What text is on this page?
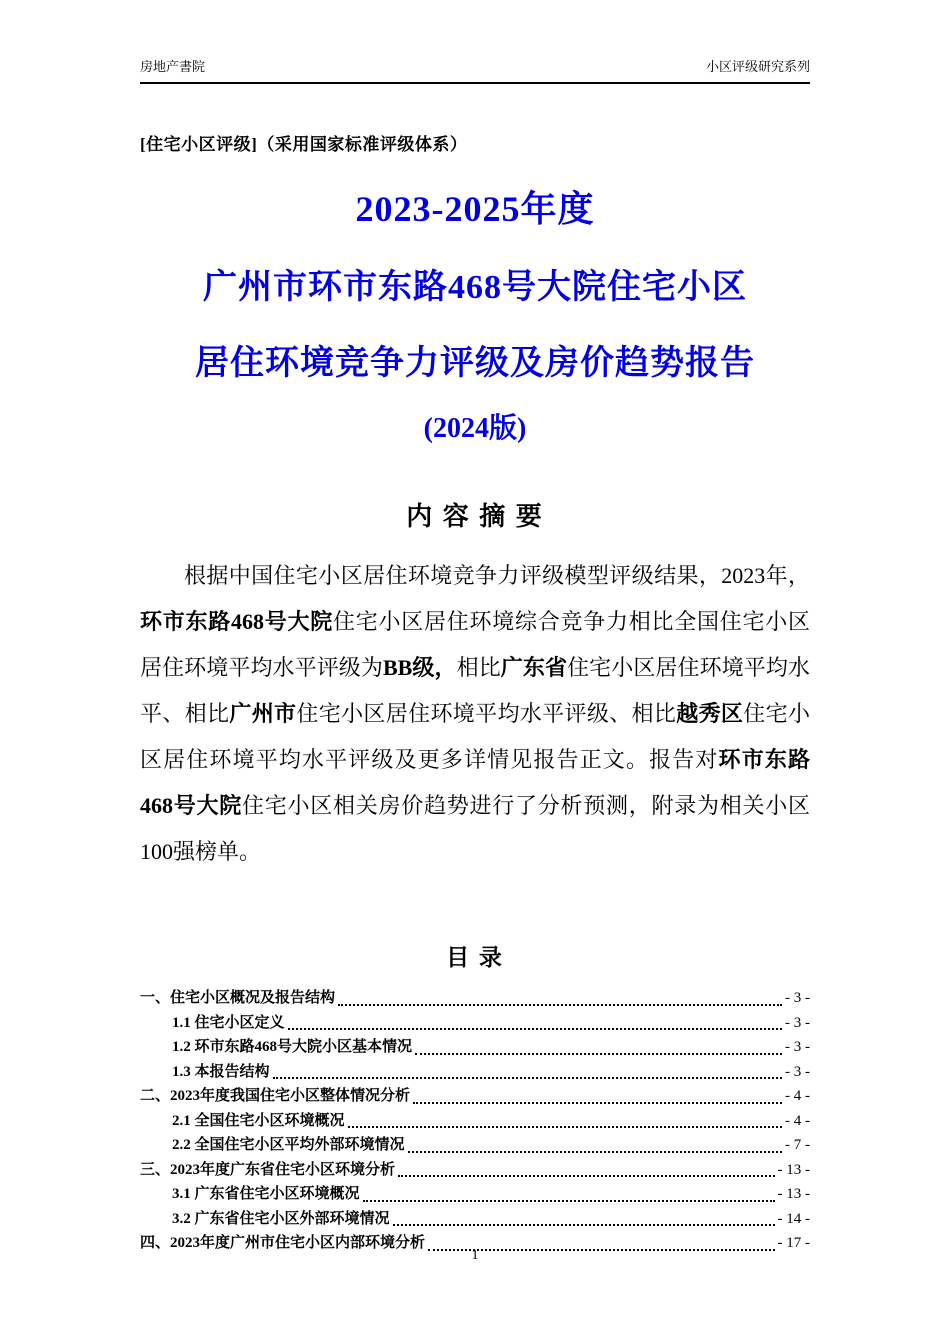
房地产書院	小区评级研究系列
[住宅小区评级]（采用国家标准评级体系）
2023-2025年度
广州市环市东路468号大院住宅小区
居住环境竞争力评级及房价趋势报告
(2024版)
内 容 摘 要

根据中国住宅小区居住环境竞争力评级模型评级结果，2023年，环市东路468号大院住宅小区居住环境综合竞争力相比全国住宅小区居住环境平均水平评级为BB级，相比广东省住宅小区居住环境平均水平、相比广州市住宅小区居住环境平均水平评级、相比越秀区住宅小区居住环境平均水平评级及更多详情见报告正文。报告对环市东路468号大院住宅小区相关房价趋势进行了分析预测，附录为相关小区100强榜单。

目 录
一、住宅小区概况及报告结构	- 3 -
1.1 住宅小区定义	- 3 -
1.2 环市东路468号大院小区基本情况	- 3 -
1.3 本报告结构	- 3 -
二、2023年度我国住宅小区整体情况分析	- 4 -
2.1 全国住宅小区环境概况	- 4 -
2.2 全国住宅小区平均外部环境情况	- 7 -
三、2023年度广东省住宅小区环境分析	- 13 -
3.1 广东省住宅小区环境概况	- 13 -
3.2 广东省住宅小区外部环境情况	- 14 -
四、2023年度广州市住宅小区内部环境分析	- 17 -
1
